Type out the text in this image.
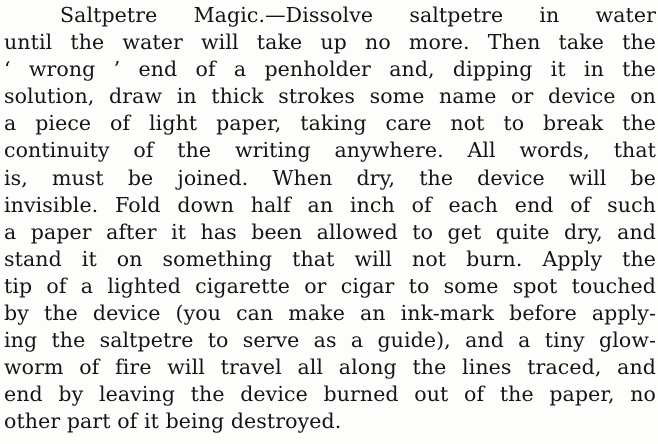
Saltpetre Magic.—Dissolve saltpetre in water
until the water will take up no more. Then take the
‘ wrong ’ end of a penholder and, dipping it in the
solution, draw in thick strokes some name or device on
a piece of light paper, taking care not to break the
continuity of the writing anywhere. All words, that
is, must be joined. When dry, the device will be
invisible. Fold down half an inch of each end of such
a paper after it has been allowed to get quite dry, and
stand it on something that will not burn. Apply the
tip of a lighted cigarette or cigar to some spot touched
by the device (you can make an ink-mark before apply-
ing the saltpetre to serve as a guide), and a tiny glow-
worm of fire will travel all along the lines traced, and
end by leaving the device burned out of the paper, no
other part of it being destroyed.
